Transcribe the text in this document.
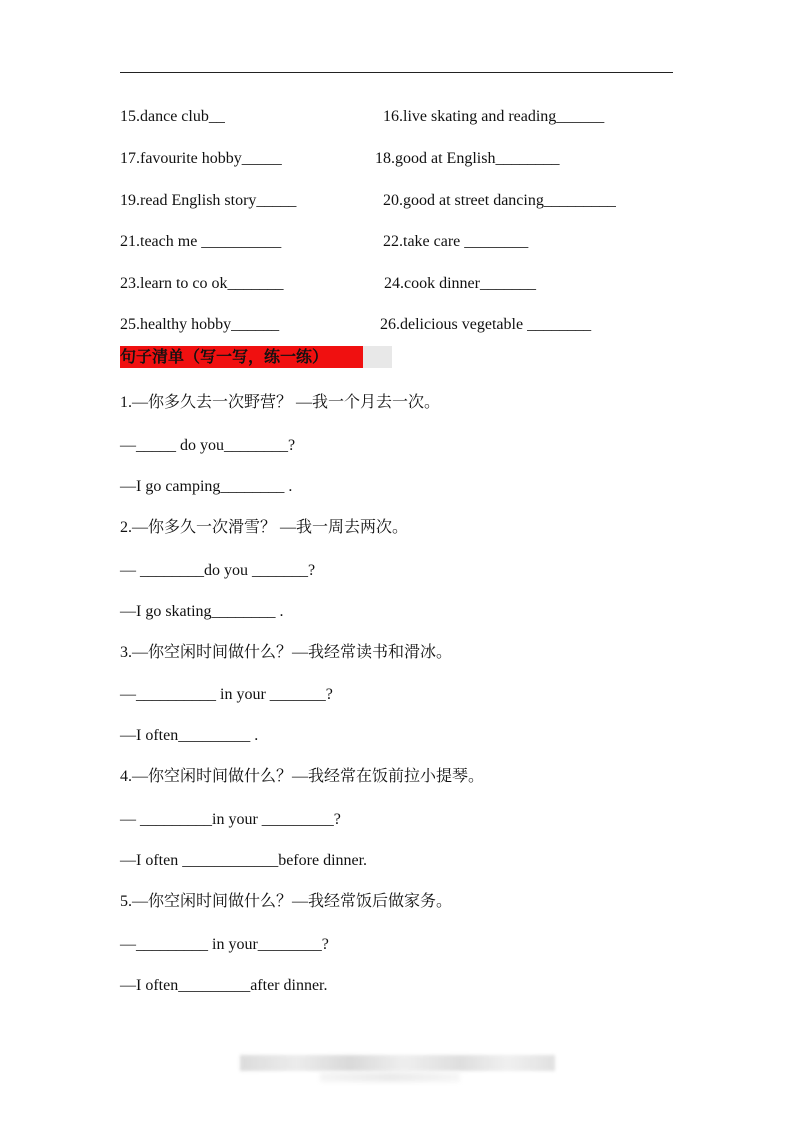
15.dance club__	16.live skating and reading______
17.favourite hobby_____	18.good at English________
19.read English story_____	20.good at street dancing_________
21.teach me __________	22.take care ________
23.learn to co ok_______	24.cook dinner_______
25.healthy hobby______	26.delicious vegetable ________
句子清单（写一写，练一练）
1.—你多久去一次野营？ —我一个月去一次。
—_____ do you________?
—I go camping________ .
2.—你多久一次滑雪？ —我一周去两次。
— ________do you _______?
—I go skating________ .
3.—你空闲时间做什么？—我经常读书和滑冰。
—__________ in your _______?
—I often_________ .
4.—你空闲时间做什么？—我经常在饭前拉小提琴。
— _________in your _________?
—I often ____________before dinner.
5.—你空闲时间做什么？—我经常饭后做家务。
—_________ in your________?
—I often_________after dinner.
